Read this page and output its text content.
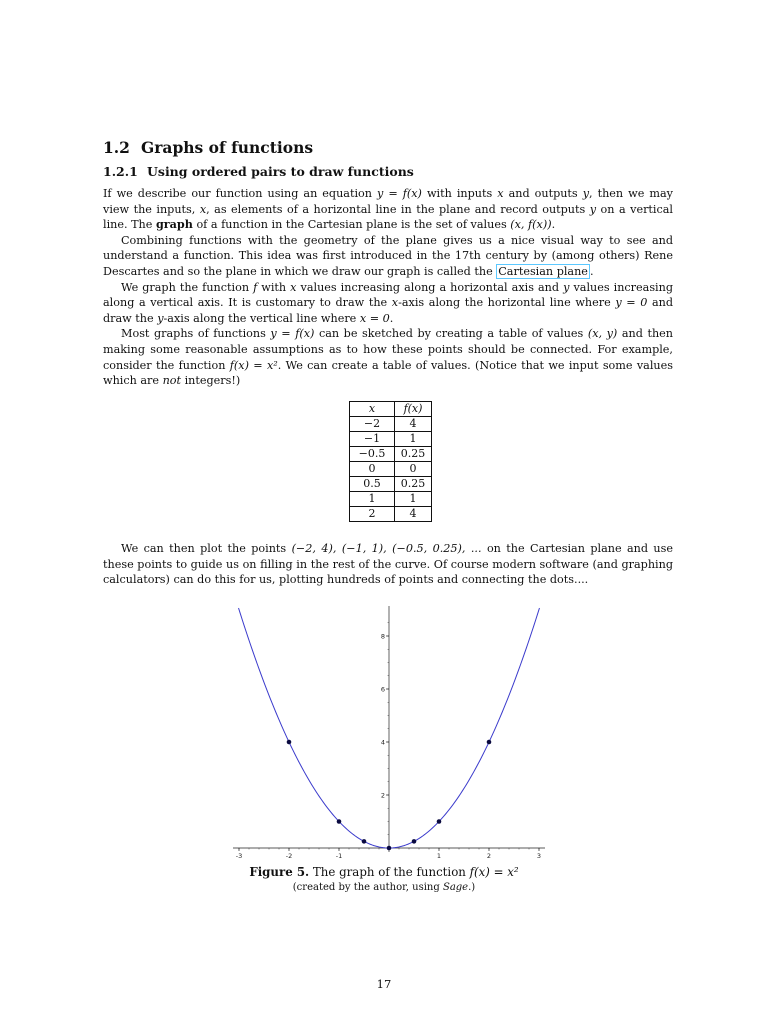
1.2 Graphs of functions
1.2.1 Using ordered pairs to draw functions

If we describe our function using an equation y = f(x) with inputs x and outputs y, then we may view the inputs, x, as elements of a horizontal line in the plane and record outputs y on a vertical line. The graph of a function in the Cartesian plane is the set of values (x, f(x)).

Combining functions with the geometry of the plane gives us a nice visual way to see and understand a function. This idea was first introduced in the 17th century by (among others) Rene Descartes and so the plane in which we draw our graph is called the Cartesian plane .

We graph the function f with x values increasing along a horizontal axis and y values increasing along a vertical axis. It is customary to draw the x-axis along the horizontal line where y = 0 and draw the y-axis along the vertical line where x = 0.

Most graphs of functions y = f(x) can be sketched by creating a table of values (x, y) and then making some reasonable assumptions as to how these points should be connected. For example, consider the function f(x) = x². We can create a table of values. (Notice that we input some values which are not integers!)

x	f(x)
−2	4
−1	1
−0.5	0.25
0	0
0.5	0.25
1	1
2	4

We can then plot the points (−2, 4), (−1, 1), (−0.5, 0.25), ... on the Cartesian plane and use these points to guide us on filling in the rest of the curve. Of course modern software (and graphing calculators) can do this for us, plotting hundreds of points and connecting the dots....

-3	-2	-1	1	2	3
2
4
6
8
Figure 5. The graph of the function f(x) = x²
(created by the author, using Sage.)
17
